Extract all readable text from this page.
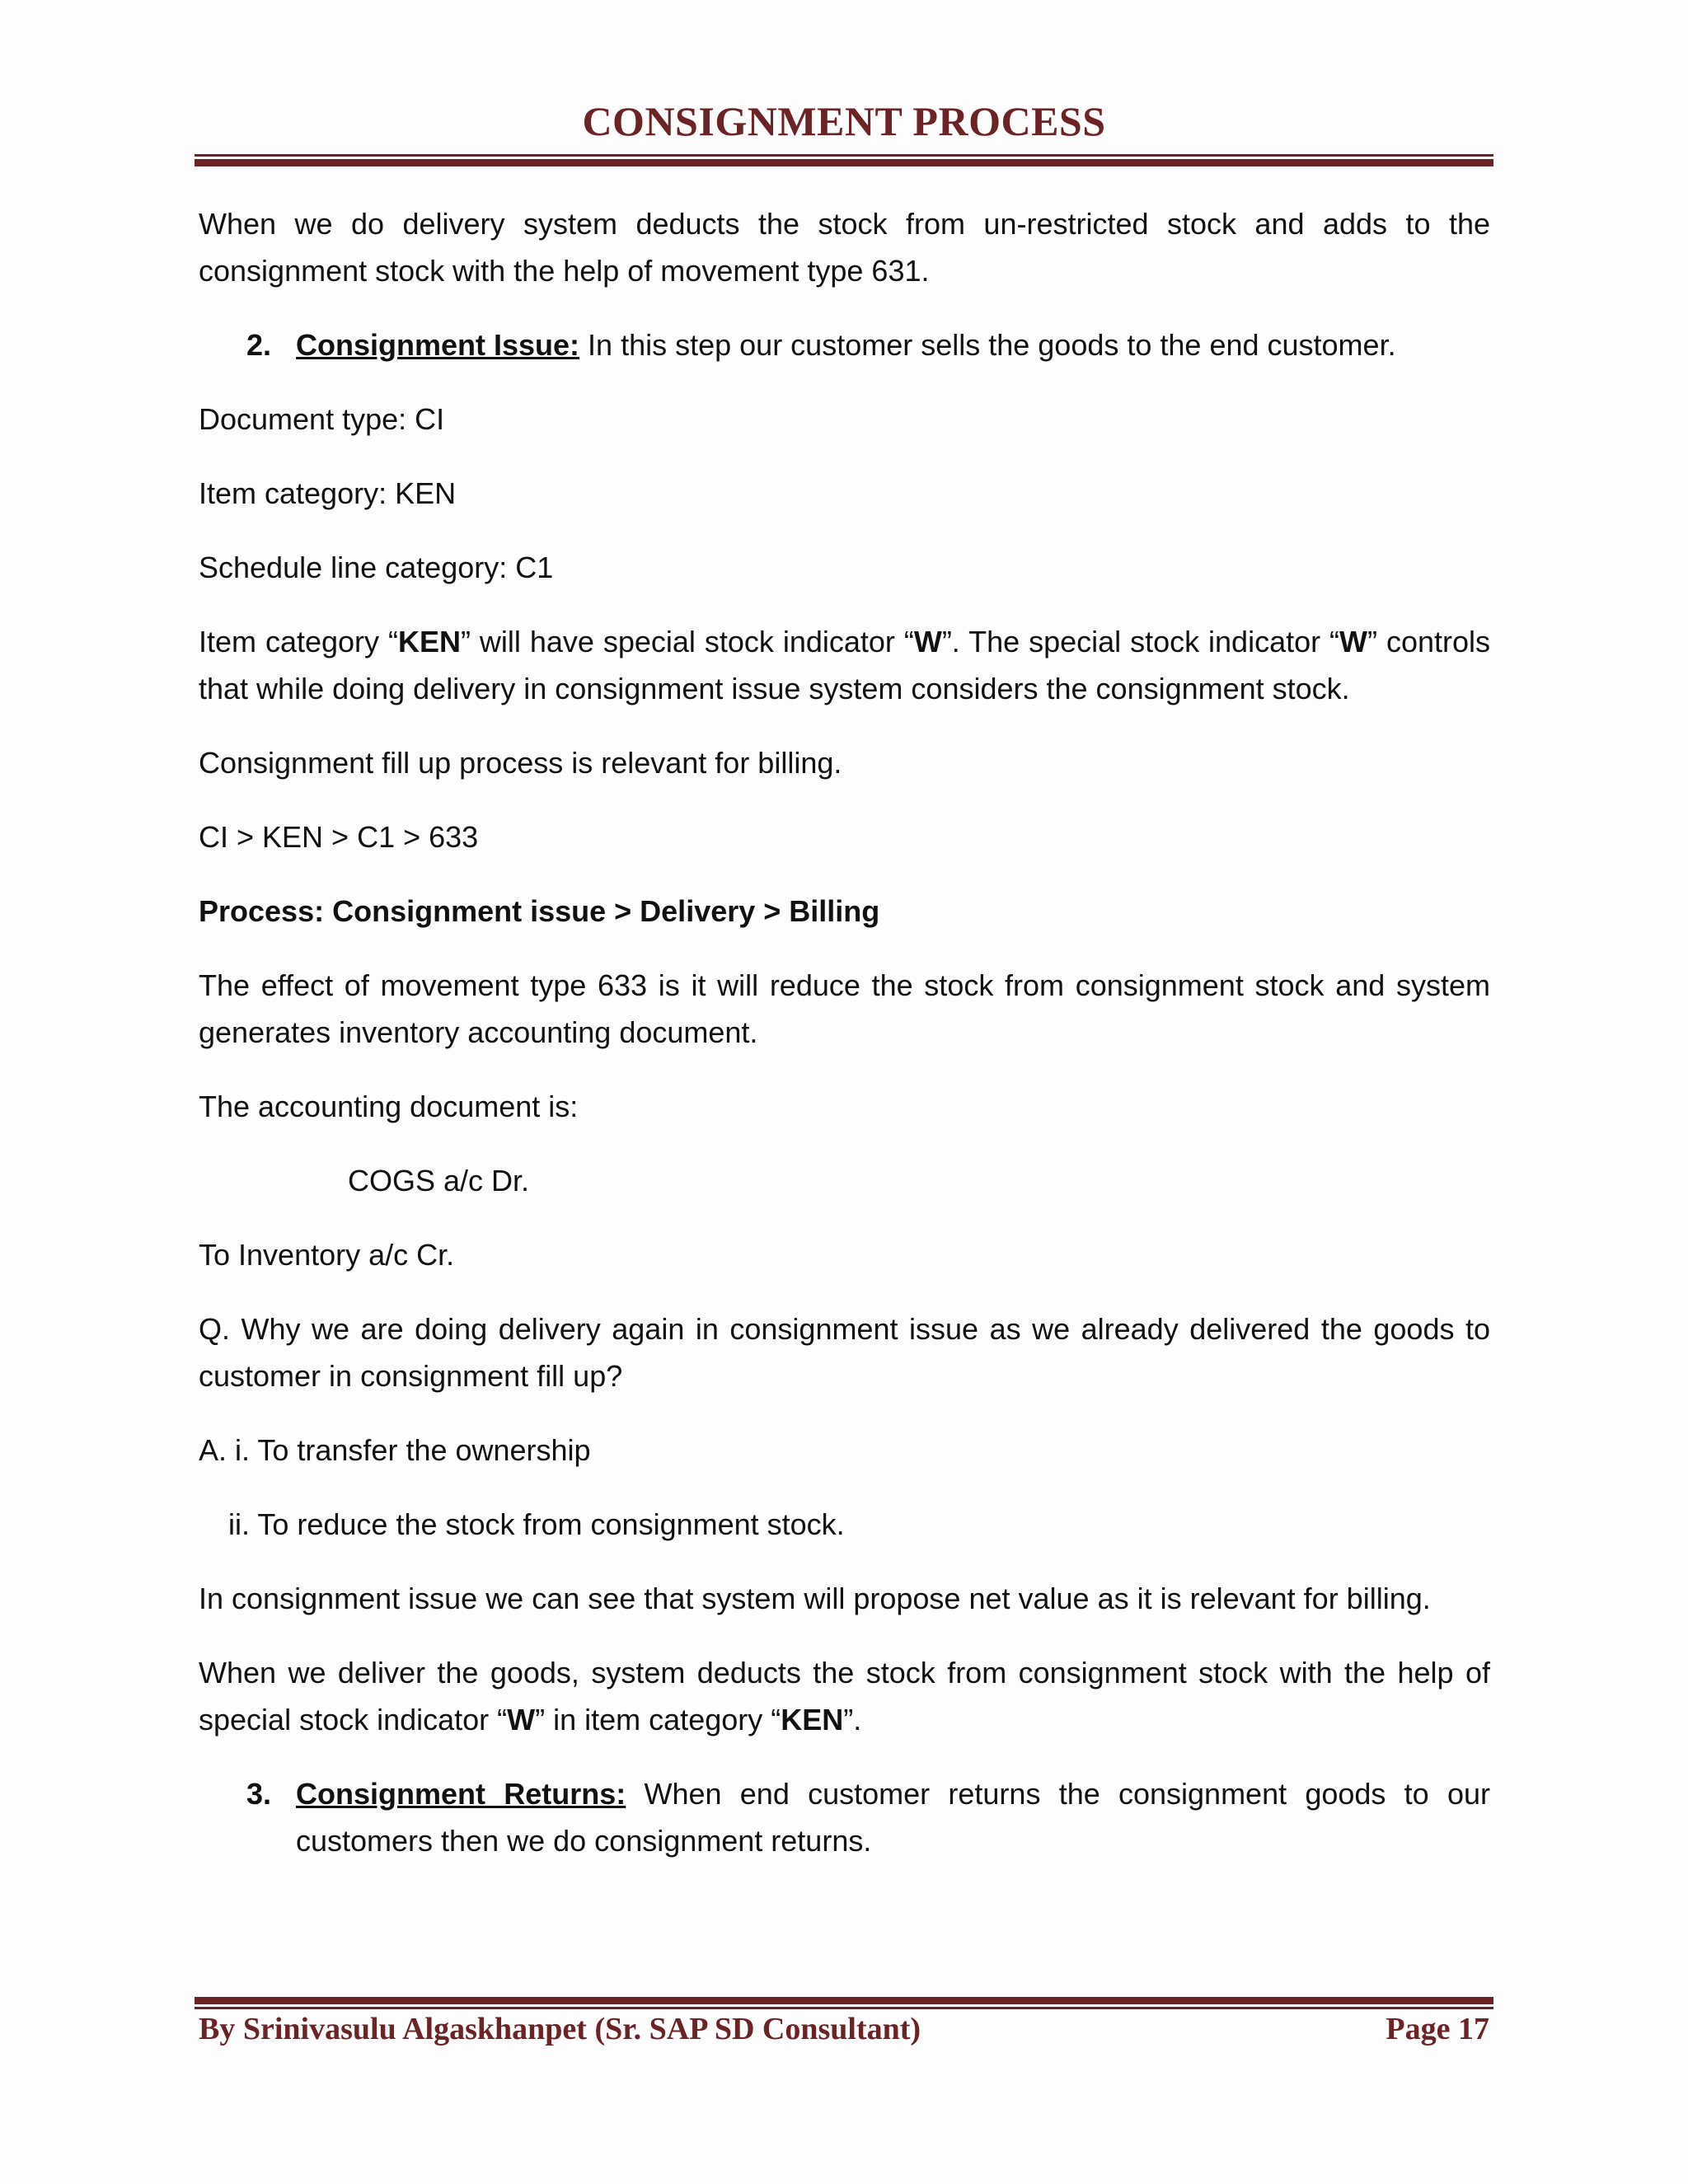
CONSIGNMENT PROCESS

When we do delivery system deducts the stock from un-restricted stock and adds to the consignment stock with the help of movement type 631.

2. Consignment Issue: In this step our customer sells the goods to the end customer.

Document type: CI

Item category: KEN

Schedule line category: C1

Item category “KEN” will have special stock indicator “W”. The special stock indicator “W” controls that while doing delivery in consignment issue system considers the consignment stock.

Consignment fill up process is relevant for billing.

CI > KEN > C1 > 633

Process: Consignment issue > Delivery > Billing

The effect of movement type 633 is it will reduce the stock from consignment stock and system generates inventory accounting document.

The accounting document is:

COGS a/c Dr.

To Inventory a/c Cr.

Q. Why we are doing delivery again in consignment issue as we already delivered the goods to customer in consignment fill up?

A. i. To transfer the ownership

ii. To reduce the stock from consignment stock.

In consignment issue we can see that system will propose net value as it is relevant for billing.

When we deliver the goods, system deducts the stock from consignment stock with the help of special stock indicator “W” in item category “KEN”.

3. Consignment Returns: When end customer returns the consignment goods to our customers then we do consignment returns.
By Srinivasulu Algaskhanpet (Sr. SAP SD Consultant)	Page 17
